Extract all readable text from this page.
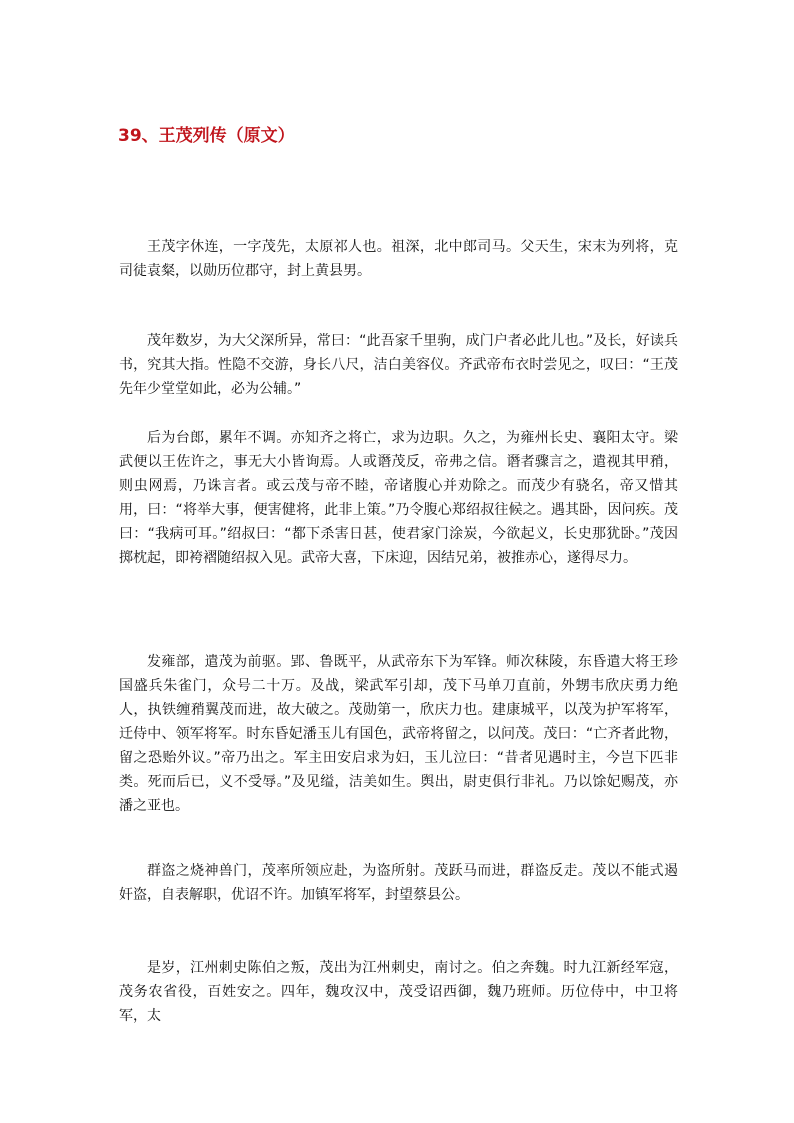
39、王茂列传（原文）

王茂字休连，一字茂先，太原祁人也。祖深，北中郎司马。父天生，宋末为列将，克司徒袁粲，以勋历位郡守，封上黄县男。

茂年数岁，为大父深所异，常曰：“此吾家千里驹，成门户者必此儿也。”及长，好读兵书，究其大指。性隐不交游，身长八尺，洁白美容仪。齐武帝布衣时尝见之，叹曰：“王茂先年少堂堂如此，必为公辅。”

后为台郎，累年不调。亦知齐之将亡，求为边职。久之，为雍州长史、襄阳太守。梁武便以王佐许之，事无大小皆询焉。人或谮茂反，帝弗之信。谮者骤言之，遣视其甲矟，则虫网焉，乃诛言者。或云茂与帝不睦，帝诸腹心并劝除之。而茂少有骁名，帝又惜其用，曰：“将举大事，便害健将，此非上策。”乃令腹心郑绍叔往候之。遇其卧，因问疾。茂曰：“我病可耳。”绍叔曰：“都下杀害日甚，使君家门涂炭，今欲起义，长史那犹卧。”茂因掷枕起，即袴褶随绍叔入见。武帝大喜，下床迎，因结兄弟，被推赤心，遂得尽力。

发雍部，遣茂为前驱。郢、鲁既平，从武帝东下为军锋。师次秣陵，东昏遣大将王珍国盛兵朱雀门，众号二十万。及战，梁武军引却，茂下马单刀直前，外甥韦欣庆勇力绝人，执铁缠矟翼茂而进，故大破之。茂勋第一，欣庆力也。建康城平，以茂为护军将军，迁侍中、领军将军。时东昏妃潘玉儿有国色，武帝将留之，以问茂。茂曰：“亡齐者此物，留之恐贻外议。”帝乃出之。军主田安启求为妇，玉儿泣曰：“昔者见遇时主，今岂下匹非类。死而后已，义不受辱。”及见缢，洁美如生。舆出，尉吏俱行非礼。乃以馀妃赐茂，亦潘之亚也。

群盗之烧神兽门，茂率所领应赴，为盗所射。茂跃马而进，群盗反走。茂以不能式遏奸盗，自表解职，优诏不许。加镇军将军，封望蔡县公。

是岁，江州刺史陈伯之叛，茂出为江州刺史，南讨之。伯之奔魏。时九江新经军寇，茂务农省役，百姓安之。四年，魏攻汉中，茂受诏西御，魏乃班师。历位侍中，中卫将军，太
